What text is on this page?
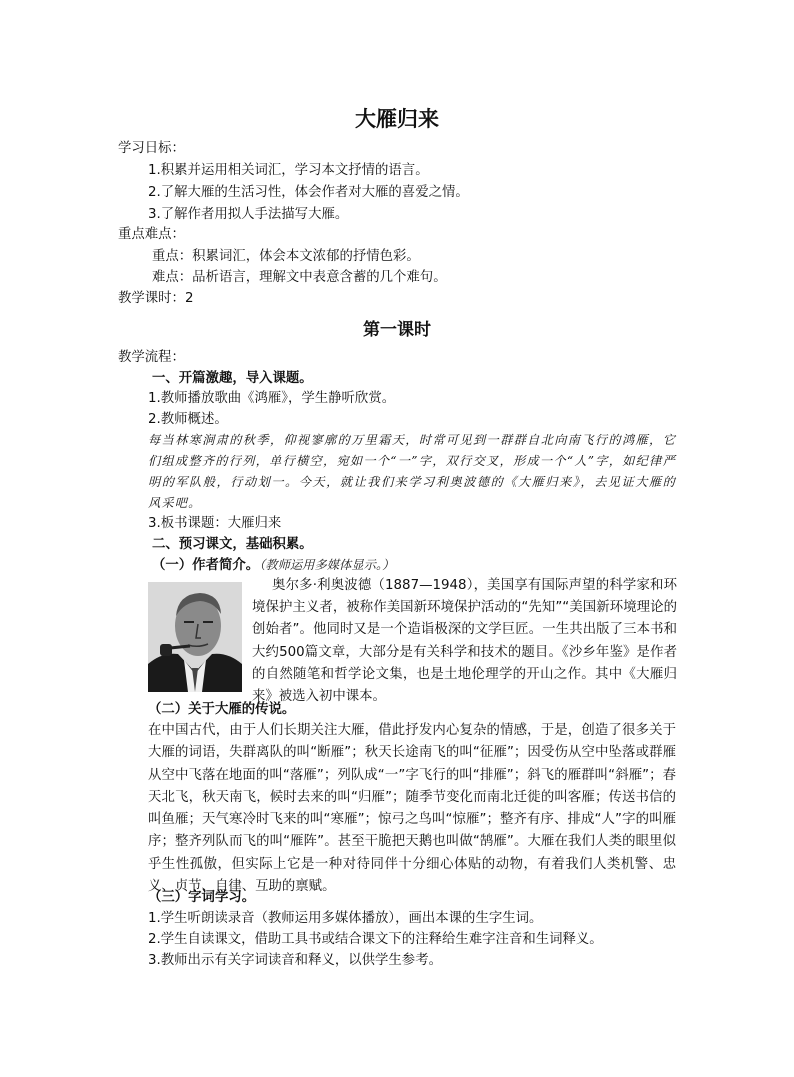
大雁归来
学习日标：
1.积累并运用相关词汇，学习本文抒情的语言。
2.了解大雁的生活习性，体会作者对大雁的喜爱之情。
3.了解作者用拟人手法描写大雁。
重点难点：
重点：积累词汇，体会本文浓郁的抒情色彩。
难点：品析语言，理解文中表意含蓄的几个难句。
教学课时：2
第一课时
教学流程：
一、开篇激趣，导入课题。
1.教师播放歌曲《鸿雁》，学生静听欣赏。
2.教师概述。
每当林寒涧肃的秋季，仰视寥廓的万里霜天，时常可见到一群群自北向南飞行的鸿雁，它们组成整齐的行列，单行横空，宛如一个“一”字，双行交叉，形成一个“人”字，如纪律严明的军队般，行动划一。今天，就让我们来学习利奥波德的《大雁归来》，去见证大雁的风采吧。
3.板书课题：大雁归来
二、预习课文，基础积累。
（一）作者简介。（教师运用多媒体显示。）
奥尔多·利奥波德（1887—1948），美国享有国际声望的科学家和环境保护主义者，被称作美国新环境保护活动的“先知”“美国新环境理论的创始者”。他同时又是一个造诣极深的文学巨匠。一生共出版了三本书和大约500篇文章，大部分是有关科学和技术的题目。《沙乡年鉴》是作者的自然随笔和哲学论文集，也是土地伦理学的开山之作。其中《大雁归来》被选入初中课本。
（二）关于大雁的传说。
在中国古代，由于人们长期关注大雁，借此抒发内心复杂的情感，于是，创造了很多关于大雁的词语，失群离队的叫“断雁”；秋天长途南飞的叫“征雁”；因受伤从空中坠落或群雁从空中飞落在地面的叫“落雁”；列队成“一”字飞行的叫“排雁”；斜飞的雁群叫“斜雁”；春天北飞，秋天南飞，候时去来的叫“归雁”；随季节变化而南北迁徙的叫客雁；传送书信的叫鱼雁；天气寒冷时飞来的叫“寒雁”；惊弓之鸟叫“惊雁”；整齐有序、排成“人”字的叫雁序；整齐列队而飞的叫“雁阵”。甚至干脆把天鹅也叫做“鹄雁”。大雁在我们人类的眼里似乎生性孤傲，但实际上它是一种对待同伴十分细心体贴的动物，有着我们人类机警、忠义、贞节、自律、互助的禀赋。
（三）字词学习。
1.学生听朗读录音（教师运用多媒体播放），画出本课的生字生词。
2.学生自读课文，借助工具书或结合课文下的注释给生难字注音和生词释义。
3.教师出示有关字词读音和释义，以供学生参考。
